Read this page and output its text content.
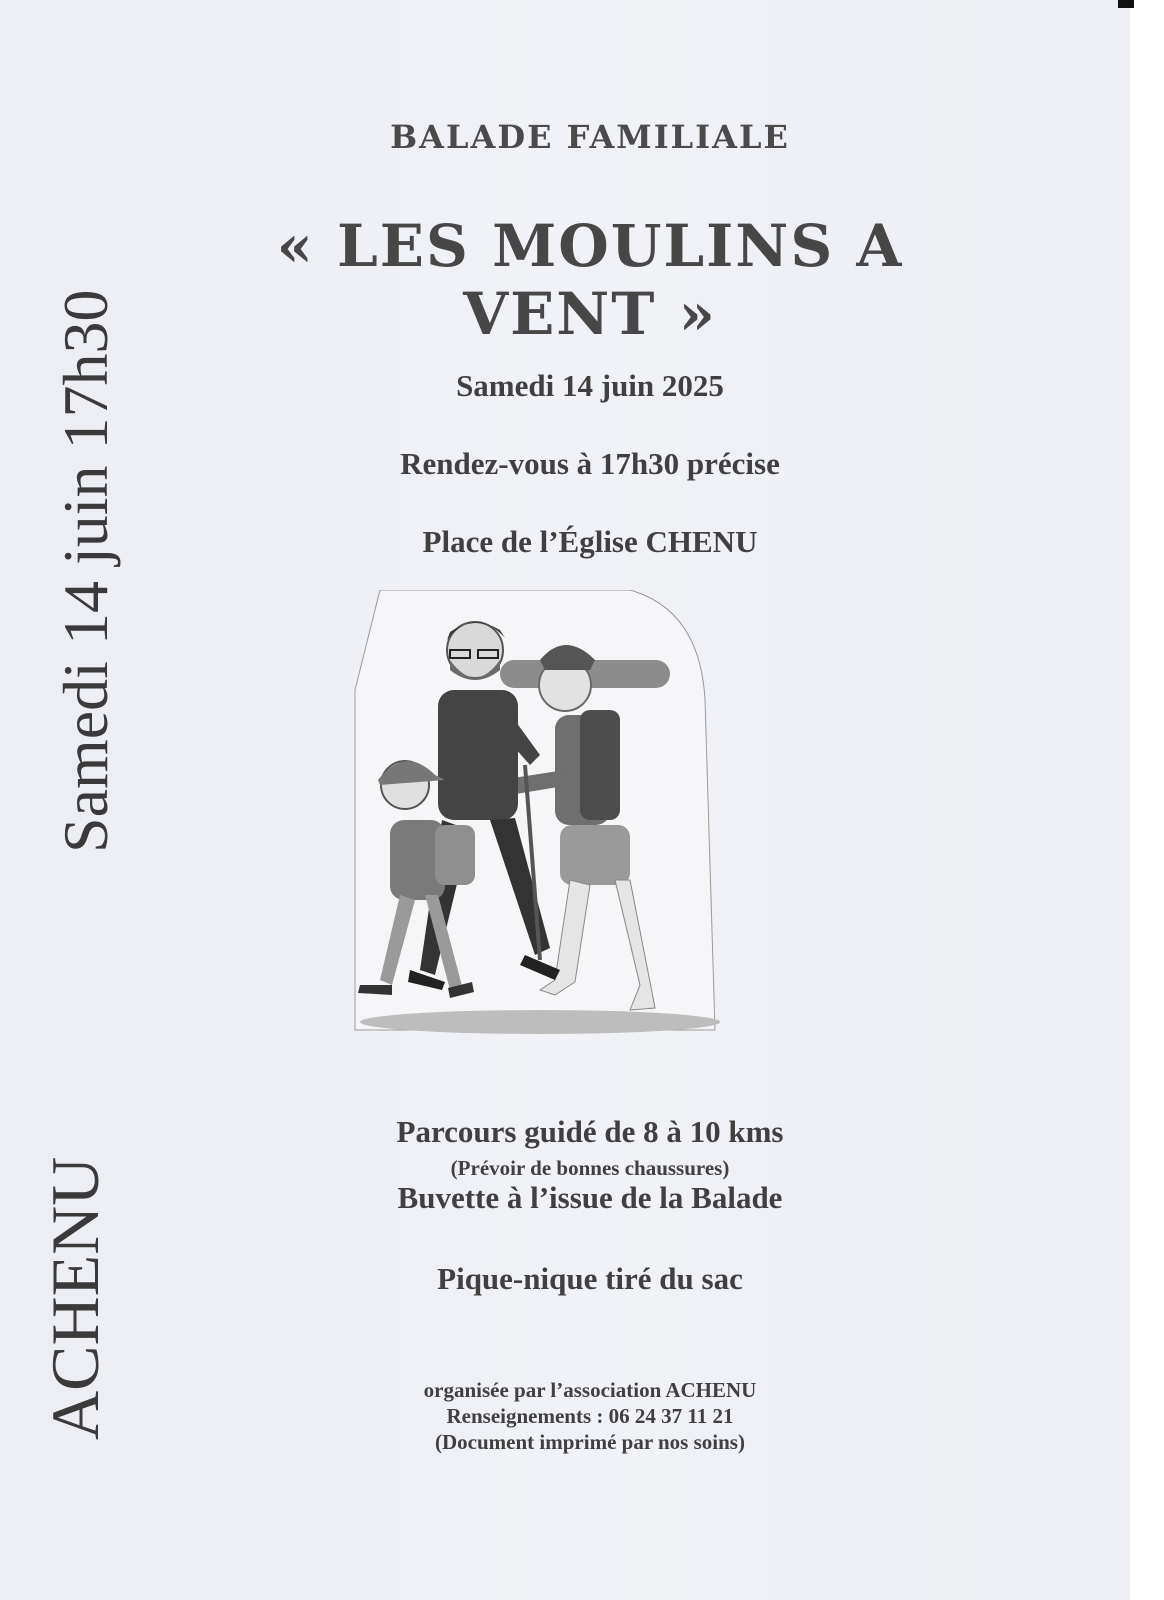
Samedi 14 juin 17h30
ACHENU
BALADE FAMILIALE
« LES MOULINS A VENT »
Samedi 14 juin 2025
Rendez-vous à 17h30 précise
Place de l’Église CHENU
Parcours guidé de 8 à 10 kms
(Prévoir de bonnes chaussures)
Buvette à l’issue de la Balade
Pique-nique tiré du sac
organisée par l’association ACHENU
Renseignements : 06 24 37 11 21
(Document imprimé par nos soins)
